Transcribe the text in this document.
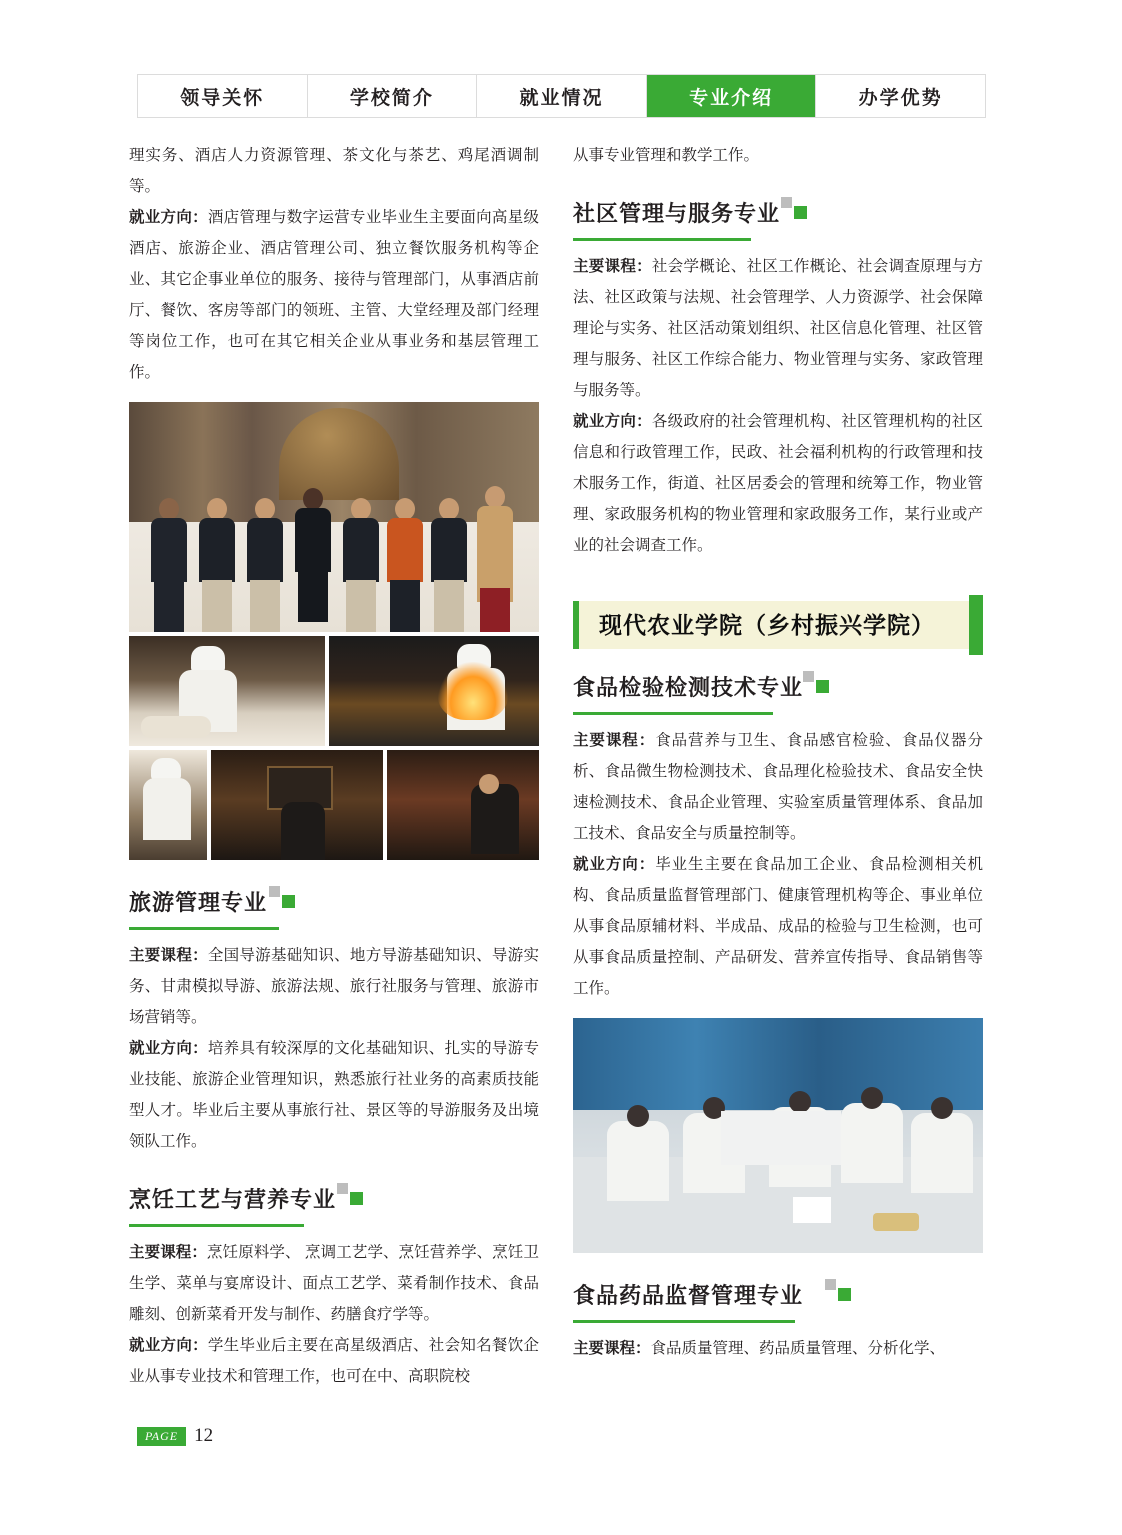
领导关怀	学校简介	就业情况	专业介绍	办学优势

理实务、酒店人力资源管理、茶文化与茶艺、鸡尾酒调制等。

就业方向：酒店管理与数字运营专业毕业生主要面向高星级酒店、旅游企业、酒店管理公司、独立餐饮服务机构等企业、其它企事业单位的服务、接待与管理部门，从事酒店前厅、餐饮、客房等部门的领班、主管、大堂经理及部门经理等岗位工作，也可在其它相关企业从事业务和基层管理工作。

旅游管理专业

主要课程：全国导游基础知识、地方导游基础知识、导游实务、甘肃模拟导游、旅游法规、旅行社服务与管理、旅游市场营销等。

就业方向：培养具有较深厚的文化基础知识、扎实的导游专业技能、旅游企业管理知识，熟悉旅行社业务的高素质技能型人才。毕业后主要从事旅行社、景区等的导游服务及出境领队工作。

烹饪工艺与营养专业

主要课程：烹饪原料学、 烹调工艺学、烹饪营养学、烹饪卫生学、菜单与宴席设计、面点工艺学、菜肴制作技术、食品雕刻、创新菜肴开发与制作、药膳食疗学等。

就业方向：学生毕业后主要在高星级酒店、社会知名餐饮企业从事专业技术和管理工作，也可在中、高职院校

从事专业管理和教学工作。

社区管理与服务专业

主要课程：社会学概论、社区工作概论、社会调查原理与方法、社区政策与法规、社会管理学、人力资源学、社会保障理论与实务、社区活动策划组织、社区信息化管理、社区管理与服务、社区工作综合能力、物业管理与实务、家政管理与服务等。

就业方向：各级政府的社会管理机构、社区管理机构的社区信息和行政管理工作，民政、社会福利机构的行政管理和技术服务工作，街道、社区居委会的管理和统筹工作，物业管理、家政服务机构的物业管理和家政服务工作，某行业或产业的社会调查工作。

现代农业学院（乡村振兴学院）
食品检验检测技术专业

主要课程：食品营养与卫生、食品感官检验、食品仪器分析、食品微生物检测技术、食品理化检验技术、食品安全快速检测技术、食品企业管理、实验室质量管理体系、食品加工技术、食品安全与质量控制等。

就业方向：毕业生主要在食品加工企业、食品检测相关机构、食品质量监督管理部门、健康管理机构等企、事业单位从事食品原辅材料、半成品、成品的检验与卫生检测，也可从事食品质量控制、产品研发、营养宣传指导、食品销售等工作。

食品药品监督管理专业

主要课程：食品质量管理、药品质量管理、分析化学、

PAGE 12
